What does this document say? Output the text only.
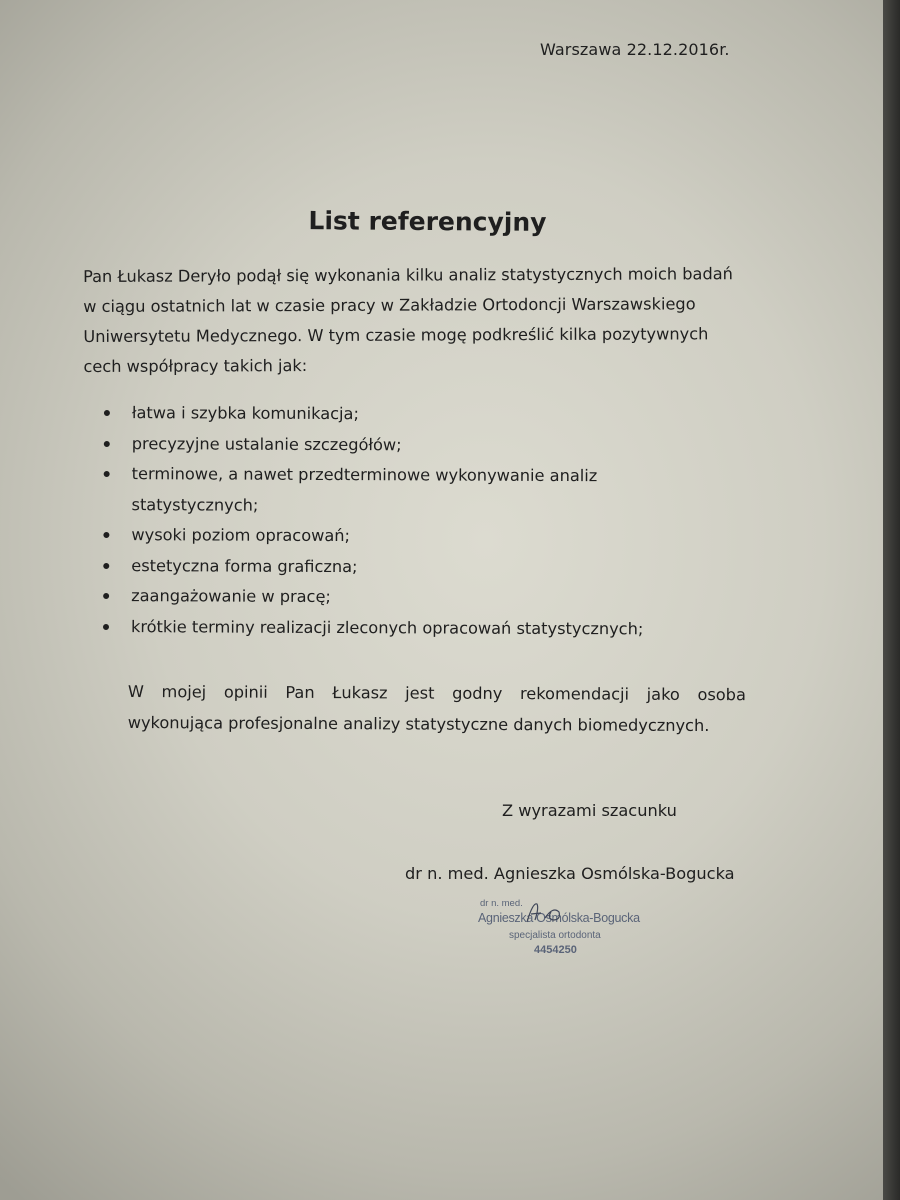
Warszawa 22.12.2016r.
List referencyjny
Pan Łukasz Deryło podął się wykonania kilku analiz statystycznych moich badań
w ciągu ostatnich lat w czasie pracy w Zakładzie Ortodoncji Warszawskiego
Uniwersytetu Medycznego. W tym czasie mogę podkreślić kilka pozytywnych
cech współpracy takich jak:
łatwa i szybka komunikacja;
precyzyjne ustalanie szczegółów;
terminowe, a nawet przedterminowe wykonywanie analiz
statystycznych;
wysoki poziom opracowań;
estetyczna forma graficzna;
zaangażowanie w pracę;
krótkie terminy realizacji zleconych opracowań statystycznych;
W mojej opinii Pan Łukasz jest godny rekomendacji jako osoba
wykonująca profesjonalne analizy statystyczne danych biomedycznych.
Z wyrazami szacunku
dr n. med. Agnieszka Osmólska-Bogucka
dr n. med.
Agnieszka Osmólska-Bogucka
specjalista ortodonta
4454250
